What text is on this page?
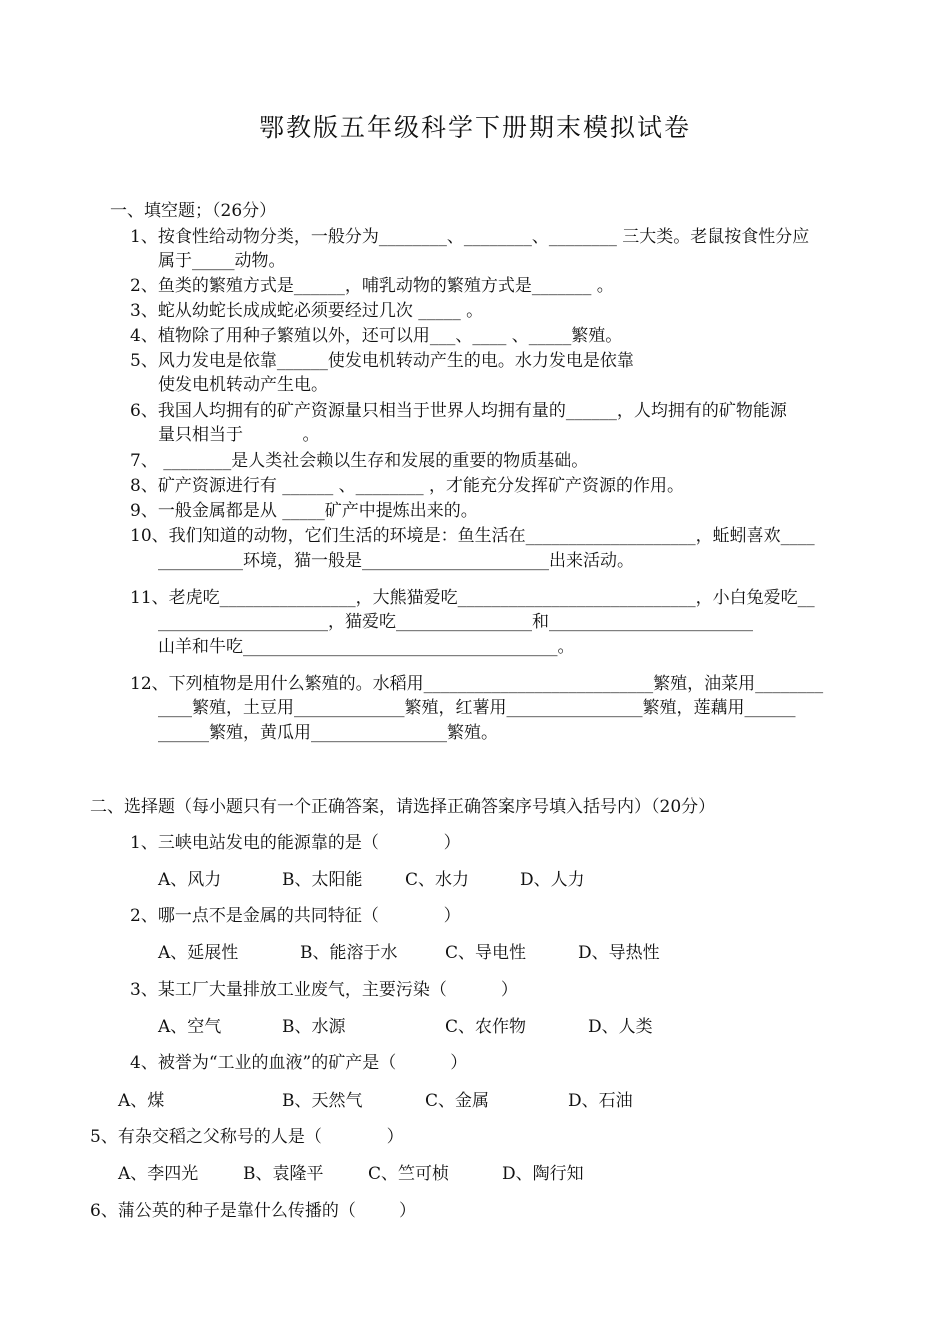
鄂教版五年级科学下册期末模拟试卷
一、填空题；（26分）
1、按食性给动物分类，一般分为________、________、________ 三大类。老鼠按食性分应
属于_____动物。
2、鱼类的繁殖方式是______，哺乳动物的繁殖方式是_______ 。
3、蛇从幼蛇长成成蛇必须要经过几次 _____ 。
4、植物除了用种子繁殖以外，还可以用___、____ 、_____繁殖。
5、风力发电是依靠______使发电机转动产生的电。水力发电是依靠
使发电机转动产生电。
6、我国人均拥有的矿产资源量只相当于世界人均拥有量的______，人均拥有的矿物能源
量只相当于           。
7、 ________是人类社会赖以生存和发展的重要的物质基础。
8、矿产资源进行有 ______ 、________ ，才能充分发挥矿产资源的作用。
9、一般金属都是从 _____矿产中提炼出来的。
10、我们知道的动物，它们生活的环境是：鱼生活在____________________，蚯蚓喜欢____
__________环境，猫一般是______________________出来活动。
11、老虎吃________________，大熊猫爱吃____________________________，小白兔爱吃__
____________________，猫爱吃________________和________________________
山羊和牛吃_____________________________________。
12、下列植物是用什么繁殖的。水稻用___________________________繁殖，油菜用________
____繁殖，土豆用_____________繁殖，红薯用________________繁殖，莲藕用______
______繁殖，黄瓜用________________繁殖。
二、选择题（每小题只有一个正确答案，请选择正确答案序号填入括号内）（20分）
1、三峡电站发电的能源靠的是（            ）
A、风力	B、太阳能	C、水力	D、人力
2、哪一点不是金属的共同特征（            ）
A、延展性	B、能溶于水	C、导电性	D、导热性
3、某工厂大量排放工业废气，主要污染（          ）
A、空气	B、水源	C、农作物	D、人类
4、被誉为“工业的血液”的矿产是（          ）
A、煤	B、天然气	C、金属	D、石油
5、有杂交稻之父称号的人是（            ）
A、李四光	B、袁隆平	C、竺可桢	D、陶行知
6、蒲公英的种子是靠什么传播的（        ）
